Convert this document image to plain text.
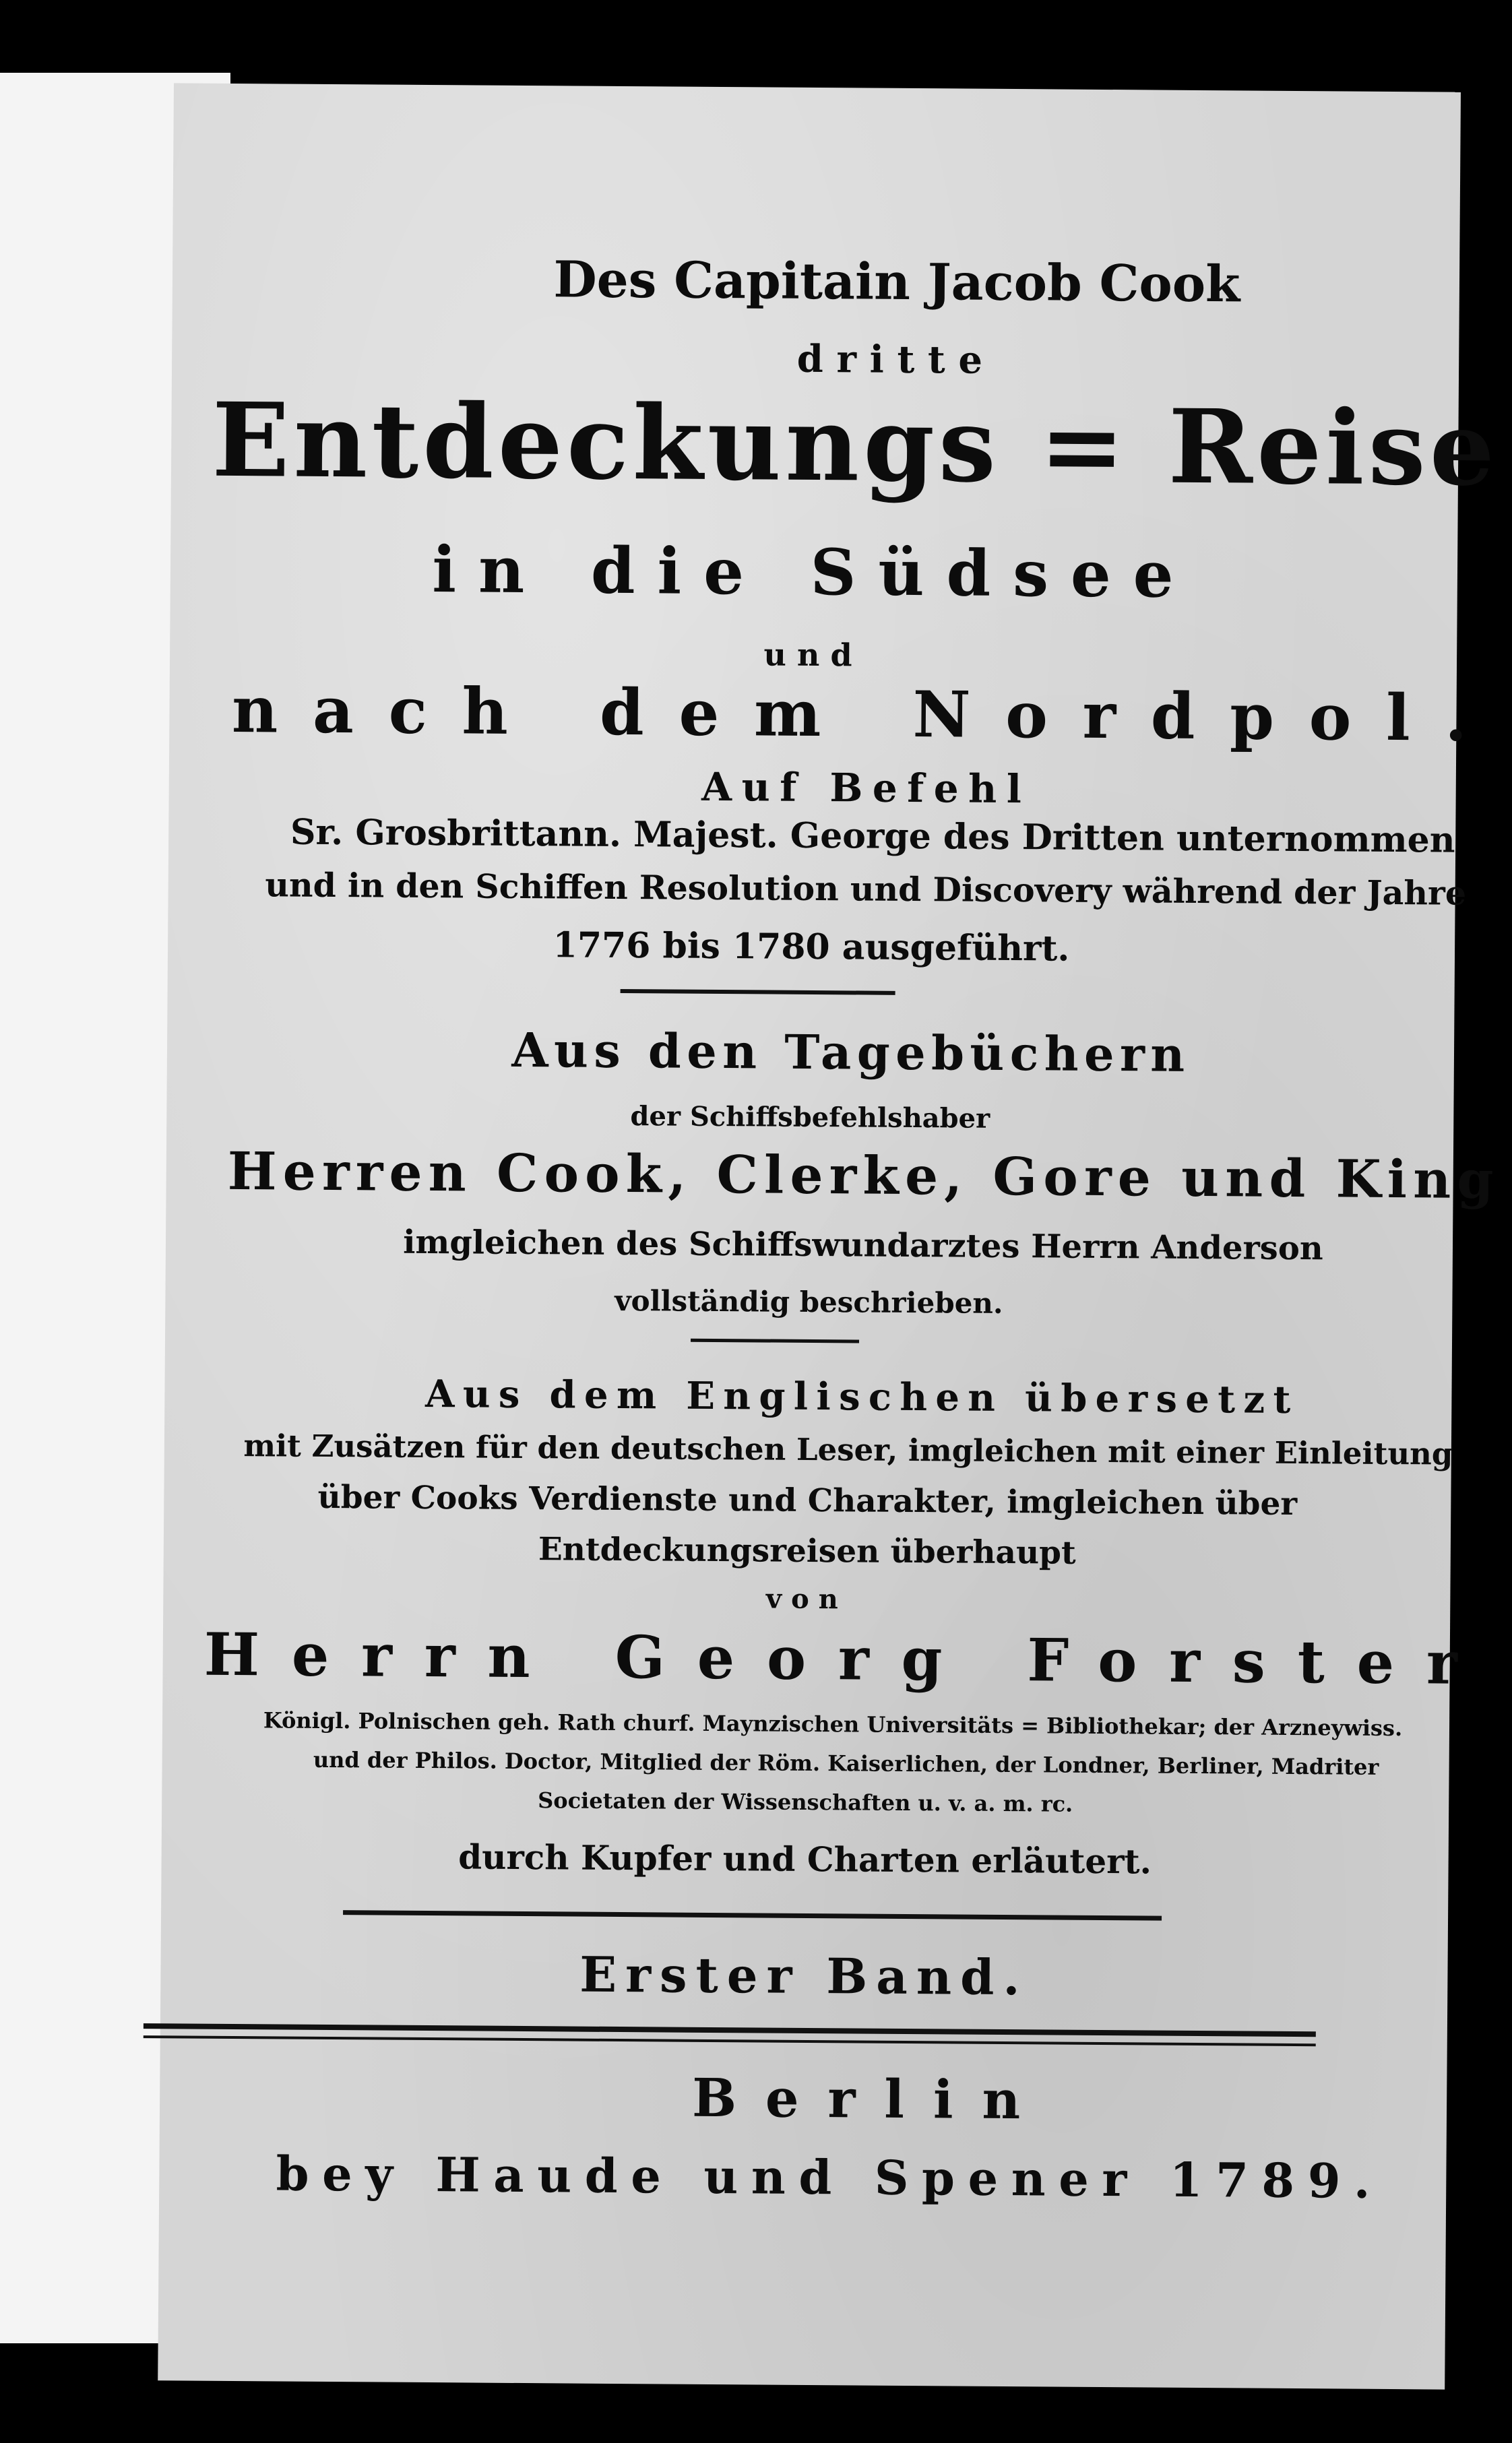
Des Capitain Jacob Cook
dritte
Entdeckungs = Reise
in die Südsee
und
nach dem Nordpol.
Auf Befehl
Sr. Grosbrittann. Majest. George des Dritten unternommen
und in den Schiffen Resolution und Discovery während der Jahre
1776 bis 1780 ausgeführt.
Aus den Tagebüchern
der Schiffsbefehlshaber
Herren Cook, Clerke, Gore und King
imgleichen des Schiffswundarztes Herrn Anderson
vollständig beschrieben.
Aus dem Englischen übersetzt
mit Zusätzen für den deutschen Leser, imgleichen mit einer Einleitung
über Cooks Verdienste und Charakter, imgleichen über
Entdeckungsreisen überhaupt
von
Herrn Georg Forster
Königl. Polnischen geh. Rath churf. Maynzischen Universitäts = Bibliothekar; der Arzneywiss.
und der Philos. Doctor, Mitglied der Röm. Kaiserlichen, der Londner, Berliner, Madriter
Societaten der Wissenschaften u. v. a. m. rc.
durch Kupfer und Charten erläutert.
Erster Band.
Berlin
bey Haude und Spener 1789.
